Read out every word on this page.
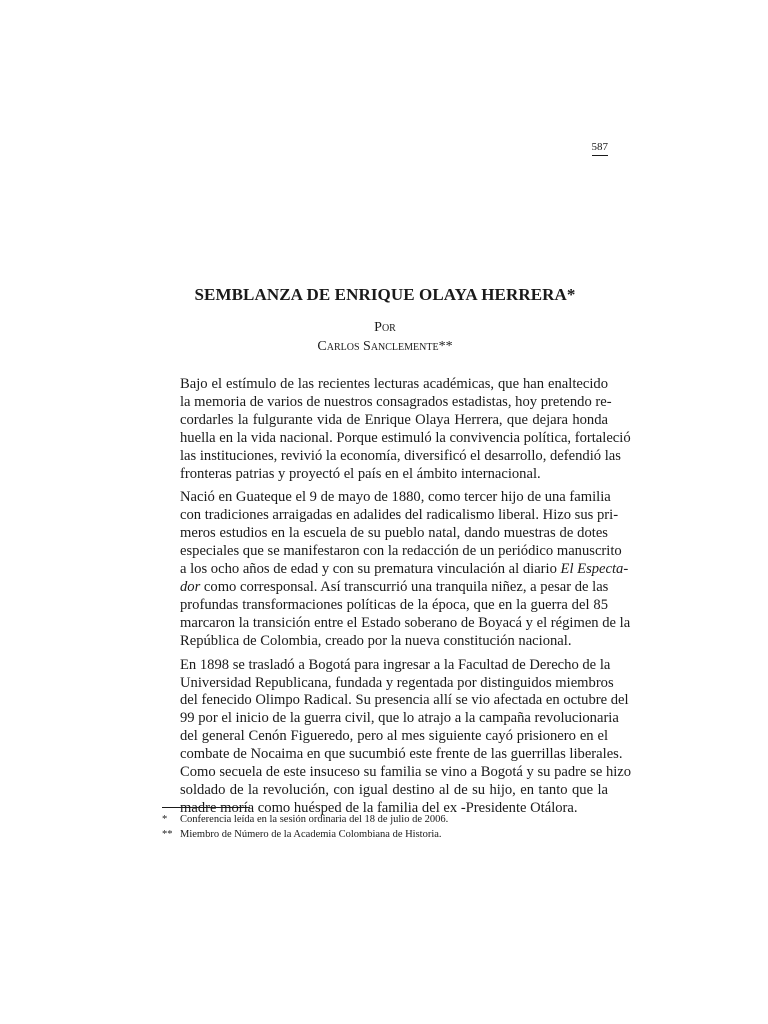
587
SEMBLANZA DE ENRIQUE OLAYA HERRERA*
Por
Carlos Sanclemente**

Bajo el estímulo de las recientes lecturas académicas, que han enaltecido
la memoria de varios de nuestros consagrados estadistas, hoy pretendo re-
cordarles la fulgurante vida de Enrique Olaya Herrera, que dejara honda
huella en la vida nacional. Porque estimuló la convivencia política, fortaleció
las instituciones, revivió la economía, diversificó el desarrollo, defendió las
fronteras patrias y proyectó el país en el ámbito internacional.

Nació en Guateque el 9 de mayo de 1880, como tercer hijo de una familia
con tradiciones arraigadas en adalides del radicalismo liberal. Hizo sus pri-
meros estudios en la escuela de su pueblo natal, dando muestras de dotes
especiales que se manifestaron con la redacción de un periódico manuscrito
a los ocho años de edad y con su prematura vinculación al diario El Especta-
dor como corresponsal. Así transcurrió una tranquila niñez, a pesar de las
profundas transformaciones políticas de la época, que en la guerra del 85
marcaron la transición entre el Estado soberano de Boyacá y el régimen de la
República de Colombia, creado por la nueva constitución nacional.

En 1898 se trasladó a Bogotá para ingresar a la Facultad de Derecho de la
Universidad Republicana, fundada y regentada por distinguidos miembros
del fenecido Olimpo Radical. Su presencia allí se vio afectada en octubre del
99 por el inicio de la guerra civil, que lo atrajo a la campaña revolucionaria
del general Cenón Figueredo, pero al mes siguiente cayó prisionero en el
combate de Nocaima en que sucumbió este frente de las guerrillas liberales.
Como secuela de este insuceso su familia se vino a Bogotá y su padre se hizo
soldado de la revolución, con igual destino al de su hijo, en tanto que la
madre moría como huésped de la familia del ex -Presidente Otálora.

*	Conferencia leída en la sesión ordinaria del 18 de julio de 2006.
** Miembro de Número de la Academia Colombiana de Historia.
